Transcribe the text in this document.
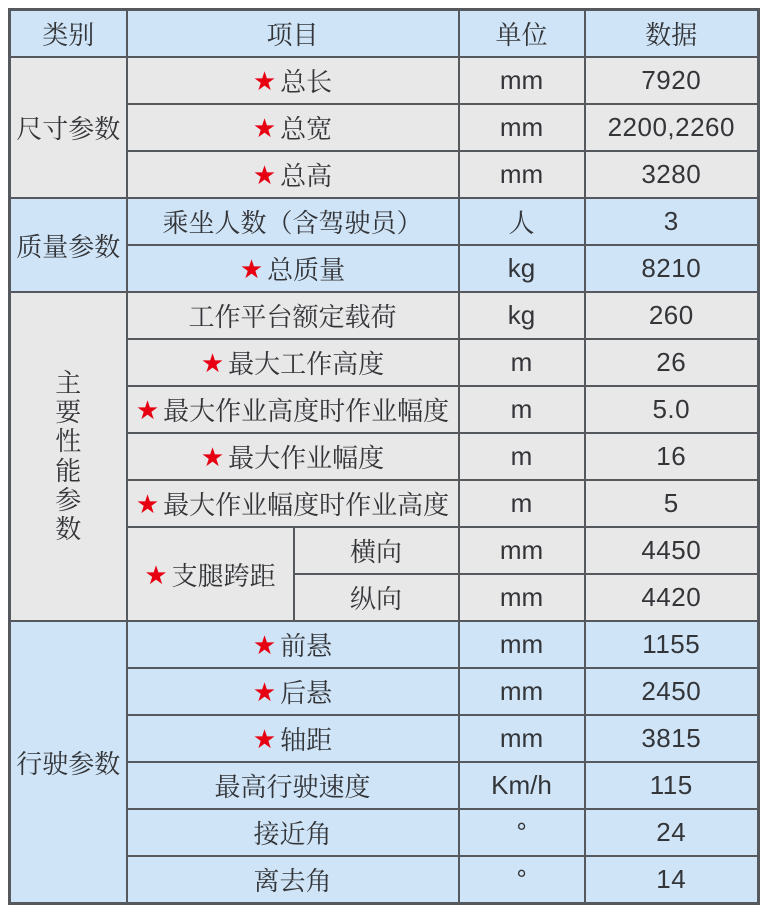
类别	项目		单位	数据
尺寸参数	★ 总长		mm	7920
	★ 总宽		mm	2200,2260
	★ 总高		mm	3280
质量参数	乘坐人数（含驾驶员）		人	3
	★ 总质量		kg	8210

主要性能参数	工作平台额定载荷		kg	260
	★ 最大工作高度		m	26
	★ 最大作业高度时作业幅度		m	5.0
	★ 最大作业幅度		m	16
	★ 最大作业幅度时作业高度		m	5
	★ 支腿跨距	横向	mm	4450
		纵向	mm	4420
行驶参数	★ 前悬		mm	1155
	★ 后悬		mm	2450
	★ 轴距		mm	3815
	最高行驶速度		Km/h	115
	接近角		°	24
	离去角		°	14
